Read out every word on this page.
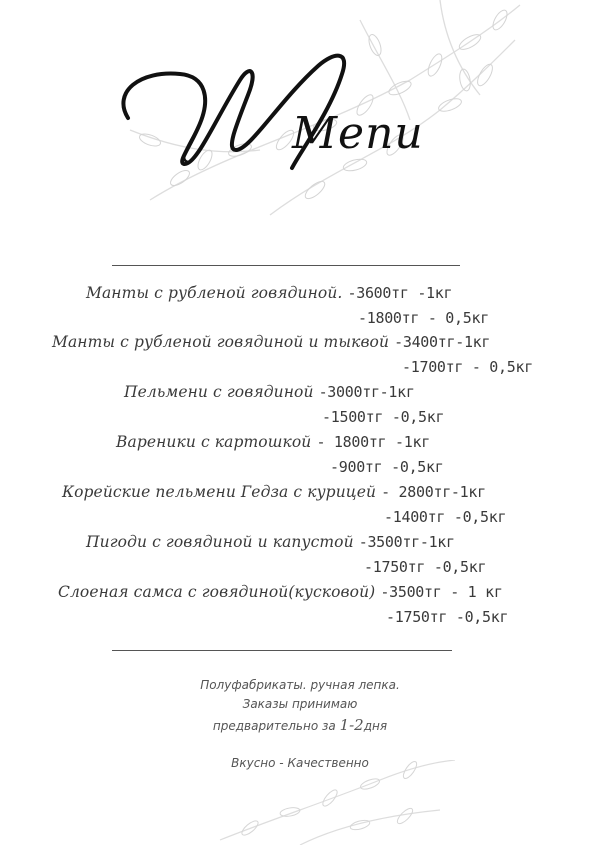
Menu
Манты с рубленой говядиной. -3600тг -1кг
-1800тг - 0,5кг
Манты с рубленой говядиной и тыквой -3400тг-1кг
-1700тг - 0,5кг
Пельмени с говядиной -3000тг-1кг
-1500тг -0,5кг
Вареники с картошкой - 1800тг -1кг
-900тг -0,5кг
Корейские пельмени Гедза с курицей - 2800тг-1кг
-1400тг -0,5кг
Пигоди с говядиной и капустой -3500тг-1кг
-1750тг -0,5кг
Слоеная самса с говядиной(кусковой) -3500тг - 1 кг
-1750тг -0,5кг
Полуфабрикаты. ручная лепка.
Заказы принимаю
предварительно за 1-2дня
Вкусно - Качественно
